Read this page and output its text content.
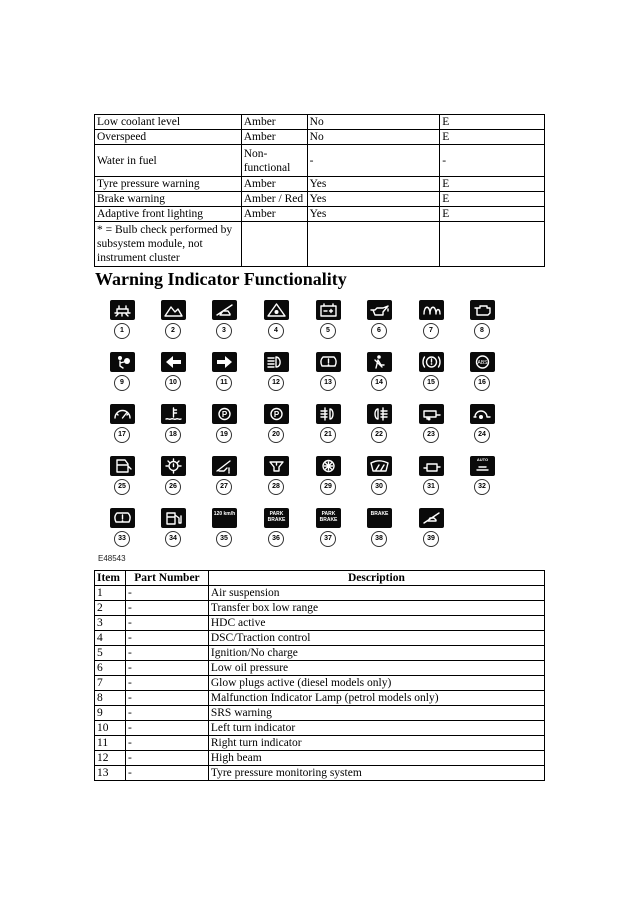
Low coolant level	Amber	No	E
Overspeed	Amber	No	E
Water in fuel	Non-functional	-	-
Tyre pressure warning	Amber	Yes	E
Brake warning	Amber / Red	Yes	E
Adaptive front lighting	Amber	Yes	E
* = Bulb check performed by subsystem module, not instrument cluster			
Warning Indicator Functionality
E48543
1	2	3	4	5	6	7	8
9	10	11	12	13	14	15
ABS
16
17	18
P
19
P
20	21	22	23	24
25	26	27	28	29	30	31
AUTO
32
33	34
120 km/h
35
PARK BRAKE
36
PARK BRAKE
37
BRAKE
38	39
Item	Part Number	Description
1	-	Air suspension
2	-	Transfer box low range
3	-	HDC active
4	-	DSC/Traction control
5	-	Ignition/No charge
6	-	Low oil pressure
7	-	Glow plugs active (diesel models only)
8	-	Malfunction Indicator Lamp (petrol models only)
9	-	SRS warning
10	-	Left turn indicator
11	-	Right turn indicator
12	-	High beam
13	-	Tyre pressure monitoring system
